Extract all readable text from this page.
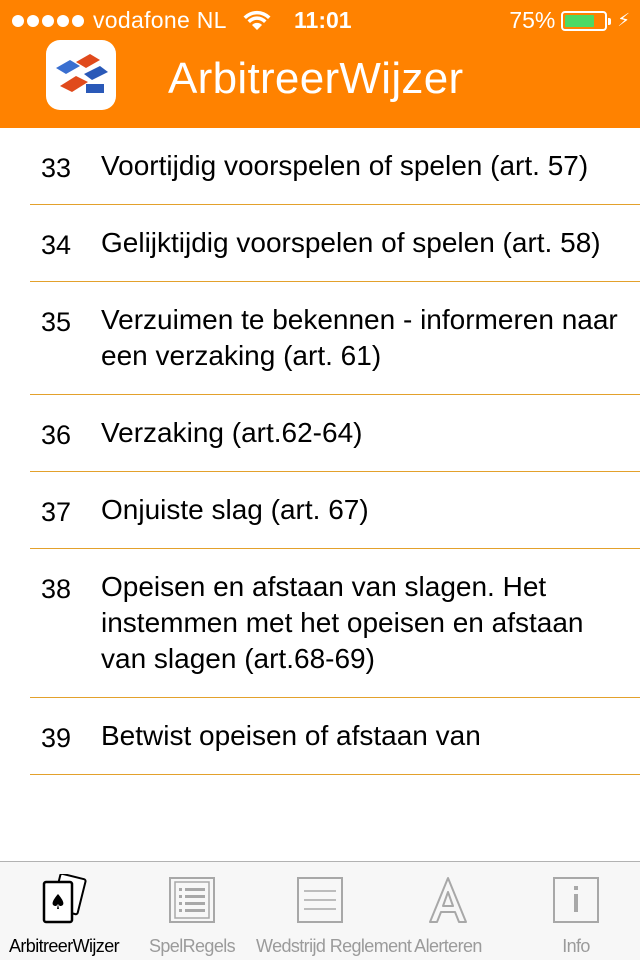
vodafone NL	11:01	75%	⚡
ArbitreerWijzer
33	Voortijdig voorspelen of spelen (art. 57)
34	Gelijktijdig voorspelen of spelen (art. 58)
35	Verzuimen te bekennen - informeren naar een verzaking (art. 61)
36	Verzaking (art.62-64)
37	Onjuiste slag (art. 67)
38	Opeisen en afstaan van slagen. Het instemmen met het opeisen en afstaan van slagen (art.68-69)
39	Betwist opeisen of afstaan van
ArbitreerWijzer	SpelRegels	Wedstrijd Reglement Alerteren	Info
